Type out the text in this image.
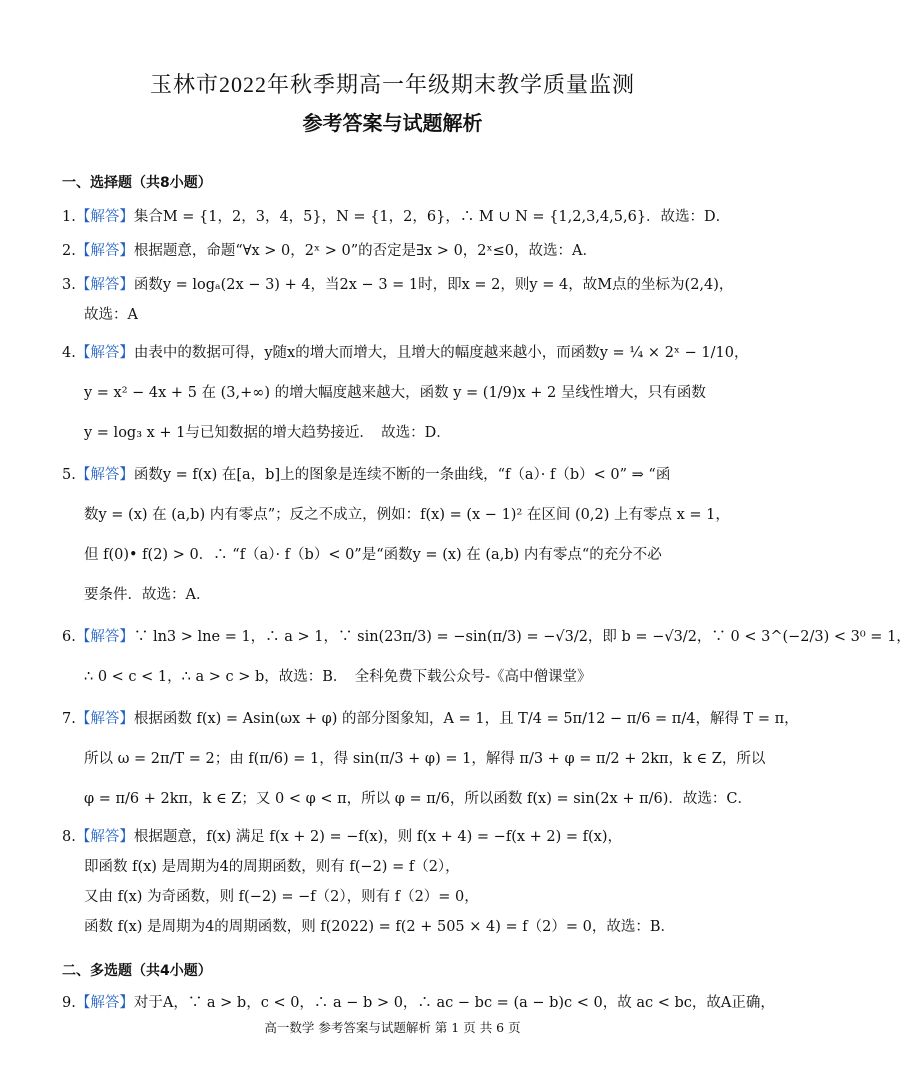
玉林市2022年秋季期高一年级期末教学质量监测
参考答案与试题解析
一、选择题（共8小题）
1.【解答】集合M = {1，2，3，4，5}，N = {1，2，6}，∴ M ∪ N = {1,2,3,4,5,6}．故选：D．
2.【解答】根据题意，命题“∀x > 0，2ˣ > 0”的否定是∃x > 0，2ˣ≤0，故选：A．
3.【解答】函数y = logₐ(2x − 3) + 4，当2x − 3 = 1时，即x = 2，则y = 4，故M点的坐标为(2,4)，
故选：A
4.【解答】由表中的数据可得，y随x的增大而增大，且增大的幅度越来越小，而函数y = ¼ × 2ˣ − 1/10，
y = x² − 4x + 5 在 (3,+∞) 的增大幅度越来越大，函数 y = (1/9)x + 2 呈线性增大，只有函数
y = log₃ x + 1与已知数据的增大趋势接近．　故选：D．
5.【解答】函数y = f(x) 在[a，b]上的图象是连续不断的一条曲线，“f（a）· f（b）< 0” ⇒ “函
数y = (x) 在 (a,b) 内有零点”；反之不成立，例如：f(x) = (x − 1)² 在区间 (0,2) 上有零点 x = 1，
但 f(0)• f(2) > 0．∴ “f（a）· f（b）< 0”是“函数y = (x) 在 (a,b) 内有零点“的充分不必
要条件．故选：A．
6.【解答】∵ ln3 > lne = 1，∴ a > 1，∵ sin(23π/3) = −sin(π/3) = −√3/2，即 b = −√3/2，∵ 0 < 3^(−2/3) < 3⁰ = 1，
∴ 0 < c < 1，∴ a > c > b，故选：B．　全科免费下载公众号-《高中僧课堂》
7.【解答】根据函数 f(x) = Asin(ωx + φ) 的部分图象知，A = 1，且 T/4 = 5π/12 − π/6 = π/4，解得 T = π，
所以 ω = 2π/T = 2；由 f(π/6) = 1，得 sin(π/3 + φ) = 1，解得 π/3 + φ = π/2 + 2kπ，k ∈ Z，所以
φ = π/6 + 2kπ，k ∈ Z；又 0 < φ < π，所以 φ = π/6，所以函数 f(x) = sin(2x + π/6)．故选：C．
8.【解答】根据题意，f(x) 满足 f(x + 2) = −f(x)，则 f(x + 4) = −f(x + 2) = f(x)，
即函数 f(x) 是周期为4的周期函数，则有 f(−2) = f（2），
又由 f(x) 为奇函数，则 f(−2) = −f（2），则有 f（2）= 0，
函数 f(x) 是周期为4的周期函数，则 f(2022) = f(2 + 505 × 4) = f（2）= 0，故选：B．
二、多选题（共4小题）
9.【解答】对于A，∵ a > b，c < 0，∴ a − b > 0，∴ ac − bc = (a − b)c < 0，故 ac < bc，故A正确，
高一数学 参考答案与试题解析 第 1 页 共 6 页
